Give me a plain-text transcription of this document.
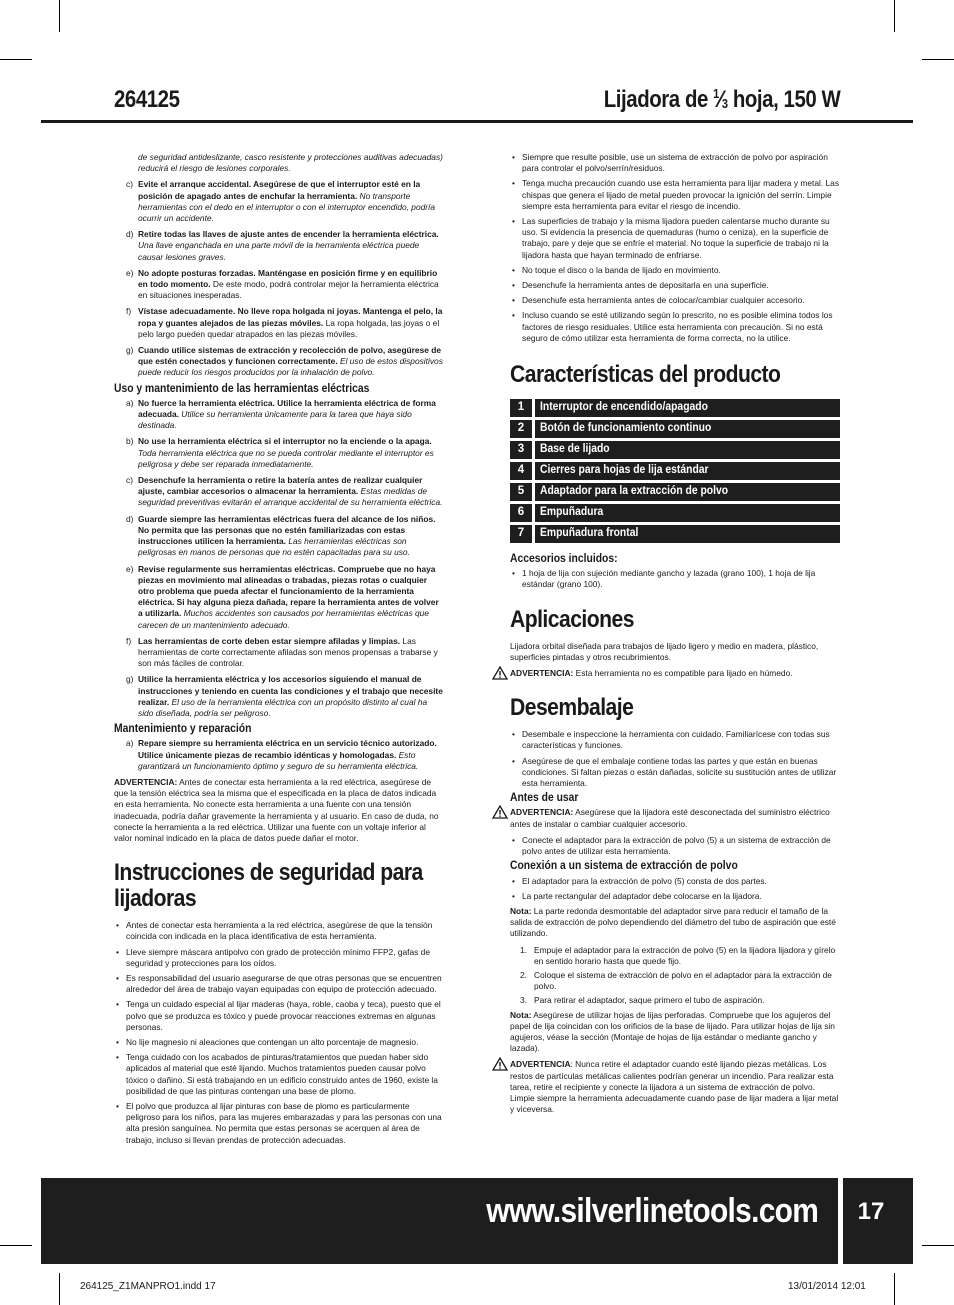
264125	Lijadora de $^1⁄_3$ hoja, 150 W

de seguridad antideslizante, casco resistente y protecciones auditivas adecuadas) reducirá el riesgo de lesiones corporales.

c) Evite el arranque accidental. Asegúrese de que el interruptor esté en la posición de apagado antes de enchufar la herramienta. No transporte herramientas con el dedo en el interruptor o con el interruptor encendido, podría ocurrir un accidente.
d) Retire todas las llaves de ajuste antes de encender la herramienta eléctrica. Una llave enganchada en una parte móvil de la herramienta eléctrica puede causar lesiones graves.
e) No adopte posturas forzadas. Manténgase en posición firme y en equilibrio en todo momento. De este modo, podrá controlar mejor la herramienta eléctrica en situaciones inesperadas.
f) Vístase adecuadamente. No lleve ropa holgada ni joyas. Mantenga el pelo, la ropa y guantes alejados de las piezas móviles. La ropa holgada, las joyas o el pelo largo pueden quedar atrapados en las piezas móviles.
g) Cuando utilice sistemas de extracción y recolección de polvo, asegúrese de que estén conectados y funcionen correctamente. El uso de estos dispositivos puede reducir los riesgos producidos por la inhalación de polvo.
Uso y mantenimiento de las herramientas eléctricas
a) No fuerce la herramienta eléctrica. Utilice la herramienta eléctrica de forma adecuada. Utilice su herramienta únicamente para la tarea que haya sido destinada.
b) No use la herramienta eléctrica si el interruptor no la enciende o la apaga. Toda herramienta eléctrica que no se pueda controlar mediante el interruptor es peligrosa y debe ser reparada inmediatamente.
c) Desenchufe la herramienta o retire la batería antes de realizar cualquier ajuste, cambiar accesorios o almacenar la herramienta. Estas medidas de seguridad preventivas evitarán el arranque accidental de su herramienta eléctrica.
d) Guarde siempre las herramientas eléctricas fuera del alcance de los niños. No permita que las personas que no estén familiarizadas con estas instrucciones utilicen la herramienta. Las herramientas eléctricas son peligrosas en manos de personas que no estén capacitadas para su uso.
e) Revise regularmente sus herramientas eléctricas. Compruebe que no haya piezas en movimiento mal alineadas o trabadas, piezas rotas o cualquier otro problema que pueda afectar el funcionamiento de la herramienta eléctrica. Si hay alguna pieza dañada, repare la herramienta antes de volver a utilizarla. Muchos accidentes son causados por herramientas eléctricas que carecen de un mantenimiento adecuado.
f) Las herramientas de corte deben estar siempre afiladas y limpias. Las herramientas de corte correctamente afiladas son menos propensas a trabarse y son más fáciles de controlar.
g) Utilice la herramienta eléctrica y los accesorios siguiendo el manual de instrucciones y teniendo en cuenta las condiciones y el trabajo que necesite realizar. El uso de la herramienta eléctrica con un propósito distinto al cual ha sido diseñada, podría ser peligroso.
Mantenimiento y reparación
a) Repare siempre su herramienta eléctrica en un servicio técnico autorizado. Utilice únicamente piezas de recambio idénticas y homologadas. Esto garantizará un funcionamiento óptimo y seguro de su herramienta eléctrica.

ADVERTENCIA: Antes de conectar esta herramienta a la red eléctrica, asegúrese de que la tensión eléctrica sea la misma que el especificada en la placa de datos indicada en esta herramienta. No conecte esta herramienta a una fuente con una tensión inadecuada, podría dañar gravemente la herramienta y al usuario. En caso de duda, no conecte la herramienta a la red eléctrica. Utilizar una fuente con un voltaje inferior al valor nominal indicado en la placa de datos puede dañar el motor.

Instrucciones de seguridad para
lijadoras
• Antes de conectar esta herramienta a la red eléctrica, asegúrese de que la tensión coincida con indicada en la placa identificativa de esta herramienta.
• Lleve siempre máscara antipolvo con grado de protección mínimo FFP2, gafas de seguridad y protecciones para los oídos.
• Es responsabilidad del usuario asegurarse de que otras personas que se encuentren alrededor del área de trabajo vayan equipadas con equipo de protección adecuado.
• Tenga un cuidado especial al lijar maderas (haya, roble, caoba y teca), puesto que el polvo que se produzca es tóxico y puede provocar reacciones extremas en algunas personas.
• No lije magnesio ni aleaciones que contengan un alto porcentaje de magnesio.
• Tenga cuidado con los acabados de pinturas/tratamientos que puedan haber sido aplicados al material que esté lijando. Muchos tratamientos pueden causar polvo tóxico o dañino. Si está trabajando en un edificio construido antes de 1960, existe la posibilidad de que las pinturas contengan una base de plomo.
• El polvo que produzca al lijar pinturas con base de plomo es particularmente peligroso para los niños, para las mujeres embarazadas y para las personas con una alta presión sanguínea. No permita que estas personas se acerquen al área de trabajo, incluso si llevan prendas de protección adecuadas.
• Siempre que resulte posible, use un sistema de extracción de polvo por aspiración para controlar el polvo/serrín/residuos.
• Tenga mucha precaución cuando use esta herramienta para lijar madera y metal. Las chispas que genera el lijado de metal pueden provocar la ignición del serrín. Limpie siempre esta herramienta para evitar el riesgo de incendio.
• Las superficies de trabajo y la misma lijadora pueden calentarse mucho durante su uso. Si evidencia la presencia de quemaduras (humo o ceniza), en la superficie de trabajo, pare y deje que se enfríe el material. No toque la superficie de trabajo ni la lijadora hasta que hayan terminado de enfriarse.
• No toque el disco o la banda de lijado en movimiento.
• Desenchufe la herramienta antes de depositarla en una superficie.
• Desenchufe esta herramienta antes de colocar/cambiar cualquier accesorio.
• Incluso cuando se esté utilizando según lo prescrito, no es posible elimina todos los factores de riesgo residuales. Utilice esta herramienta con precaución. Si no está seguro de cómo utilizar esta herramienta de forma correcta, no la utilice.
Características del producto
1		Interruptor de encendido/apagado
2		Botón de funcionamiento continuo
3		Base de lijado
4		Cierres para hojas de lija estándar
5		Adaptador para la extracción de polvo
6		Empuñadura
7		Empuñadura frontal
Accesorios incluidos:
• 1 hoja de lija con sujeción mediante gancho y lazada (grano 100), 1 hoja de lija estándar (grano 100).
Aplicaciones

Lijadora orbital diseñada para trabajos de lijado ligero y medio en madera, plástico, superficies pintadas y otros recubrimientos.

ADVERTENCIA: Esta herramienta no es compatible para lijado en húmedo.
Desembalaje
• Desembale e inspeccione la herramienta con cuidado. Familiarícese con todas sus características y funciones.
• Asegúrese de que el embalaje contiene todas las partes y que están en buenas condiciones. Si faltan piezas o están dañadas, solicite su sustitución antes de utilizar esta herramienta.
Antes de usar
ADVERTENCIA: Asegúrese que la lijadora esté desconectada del suministro eléctrico antes de instalar o cambiar cualquier accesorio.
• Conecte el adaptador para la extracción de polvo (5) a un sistema de extracción de polvo antes de utilizar esta herramienta.
Conexión a un sistema de extracción de polvo
• El adaptador para la extracción de polvo (5) consta de dos partes.
• La parte rectangular del adaptador debe colocarse en la lijadora.

Nota: La parte redonda desmontable del adaptador sirve para reducir el tamaño de la salida de extracción de polvo dependiendo del diámetro del tubo de aspiración que esté utilizando.

1. Empuje el adaptador para la extracción de polvo (5) en la lijadora lijadora y gírelo en sentido horario hasta que quede fijo.
2. Coloque el sistema de extracción de polvo en el adaptador para la extracción de polvo.
3. Para retirar el adaptador, saque primero el tubo de aspiración.

Nota: Asegúrese de utilizar hojas de lijas perforadas. Compruebe que los agujeros del papel de lija coincidan con los orificios de la base de lijado. Para utilizar hojas de lija sin agujeros, véase la sección (Montaje de hojas de lija estándar o mediante gancho y lazada).

ADVERTENCIA: Nunca retire el adaptador cuando esté lijando piezas metálicas. Los restos de partículas metálicas calientes podrían generar un incendio. Para realizar esta tarea, retire el recipiente y conecte la lijadora a un sistema de extracción de polvo. Limpie siempre la herramienta adecuadamente cuando pase de lijar madera a lijar metal y viceversa.
www.silverlinetools.com	17
264125_Z1MANPRO1.indd 17	13/01/2014 12:01
